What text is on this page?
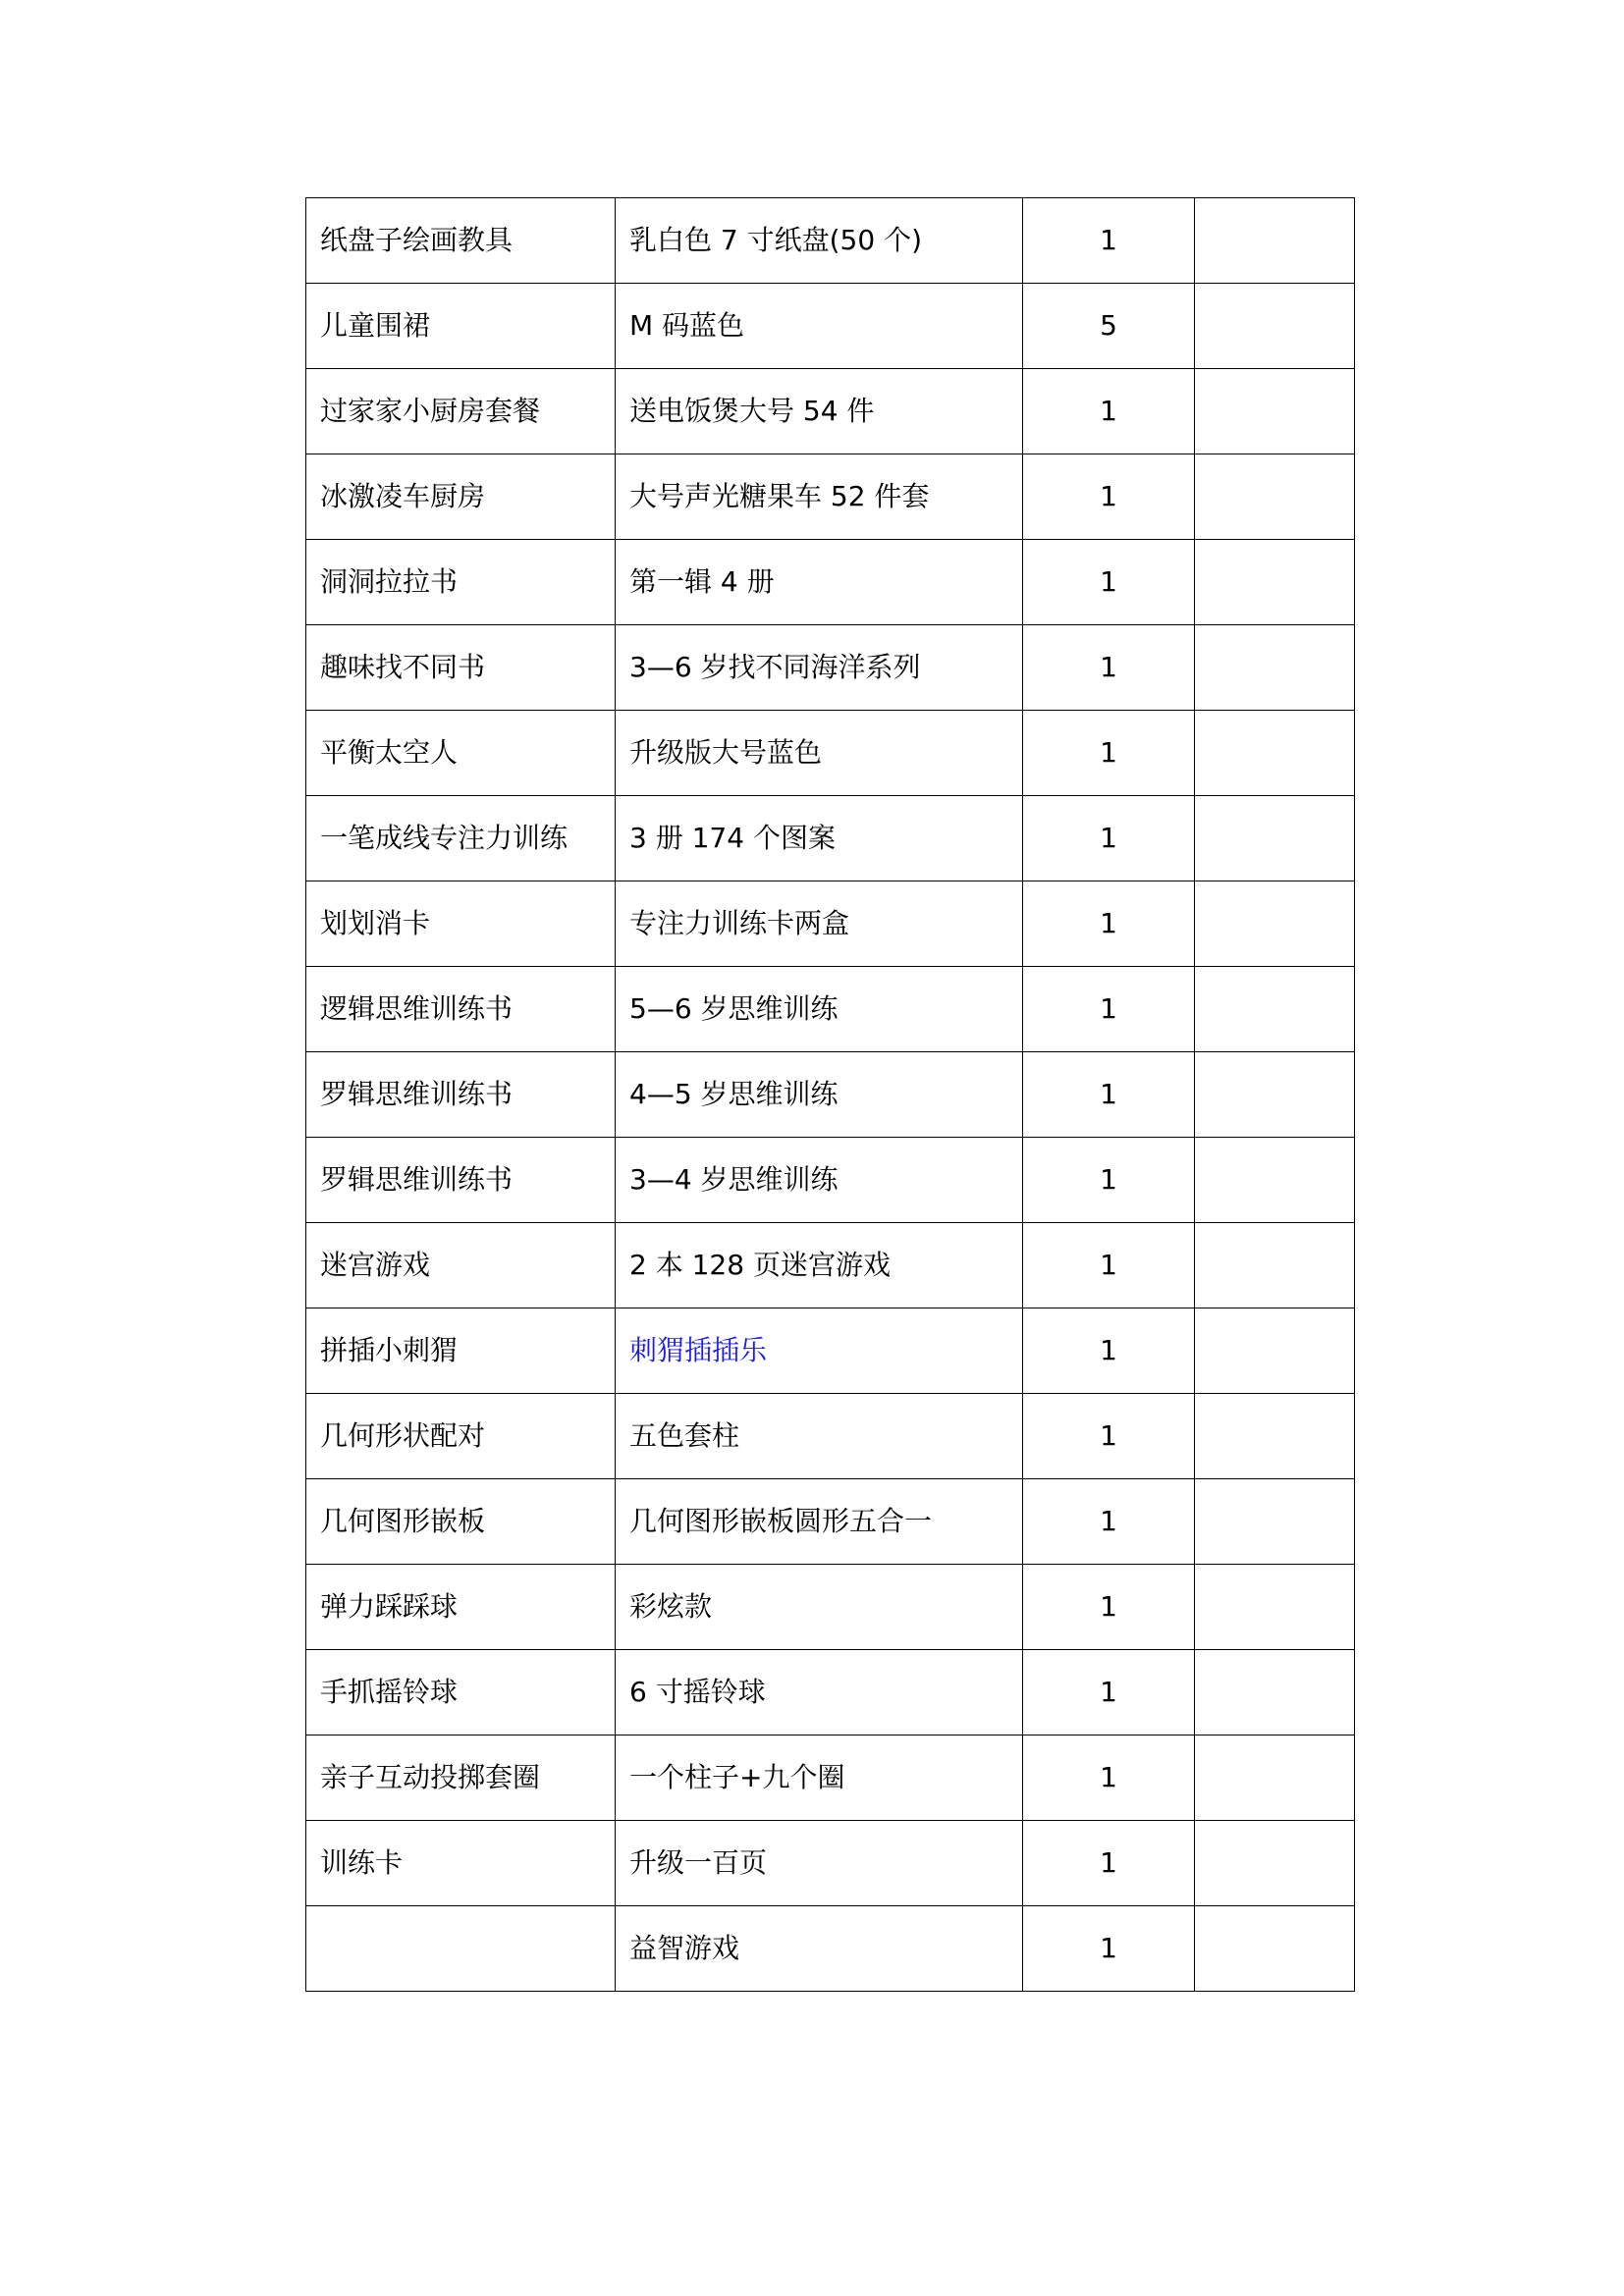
纸盘子绘画教具	乳白色 7 寸纸盘(50 个)	1	
儿童围裙	M 码蓝色	5	
过家家小厨房套餐	送电饭煲大号 54 件	1	
冰激凌车厨房	大号声光糖果车 52 件套	1	
洞洞拉拉书	第一辑 4 册	1	
趣味找不同书	3—6 岁找不同海洋系列	1	
平衡太空人	升级版大号蓝色	1	
一笔成线专注力训练	3 册 174 个图案	1	
划划消卡	专注力训练卡两盒	1	
逻辑思维训练书	5—6 岁思维训练	1	
罗辑思维训练书	4—5 岁思维训练	1	
罗辑思维训练书	3—4 岁思维训练	1	
迷宫游戏	2 本 128 页迷宫游戏	1	
拼插小刺猬	刺猬插插乐	1	
几何形状配对	五色套柱	1	
几何图形嵌板	几何图形嵌板圆形五合一	1	
弹力踩踩球	彩炫款	1	
手抓摇铃球	6 寸摇铃球	1	
亲子互动投掷套圈	一个柱子+九个圈	1	
训练卡	升级一百页	1	
	益智游戏	1	
